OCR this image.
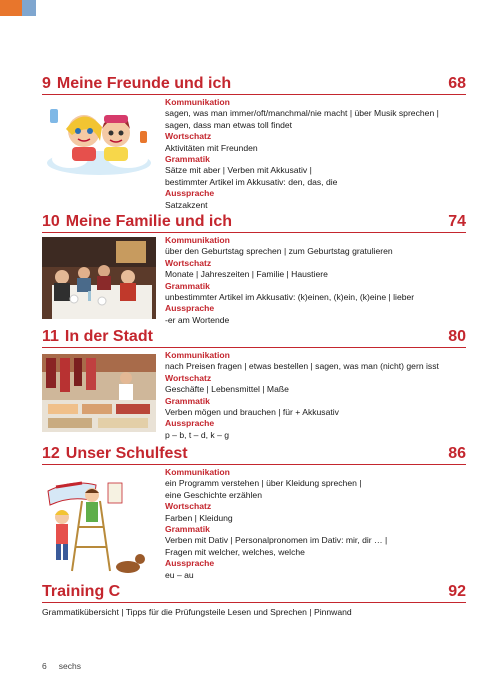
9 Meine Freunde und ich	68
Kommunikation
sagen, was man immer/oft/manchmal/nie macht | über Musik sprechen |
sagen, dass man etwas toll findet
Wortschatz
Aktivitäten mit Freunden
Grammatik
Sätze mit aber | Verben mit Akkusativ |
bestimmter Artikel im Akkusativ: den, das, die
Aussprache
Satzakzent
10 Meine Familie und ich	74
Kommunikation
über den Geburtstag sprechen | zum Geburtstag gratulieren
Wortschatz
Monate | Jahreszeiten | Familie | Haustiere
Grammatik
unbestimmter Artikel im Akkusativ: (k)einen, (k)ein, (k)eine | lieber
Aussprache
-er am Wortende
11 In der Stadt	80
Kommunikation
nach Preisen fragen | etwas bestellen | sagen, was man (nicht) gern isst
Wortschatz
Geschäfte | Lebensmittel | Maße
Grammatik
Verben mögen und brauchen | für + Akkusativ
Aussprache
p – b, t – d, k – g
12 Unser Schulfest	86
Kommunikation
ein Programm verstehen | über Kleidung sprechen |
eine Geschichte erzählen
Wortschatz
Farben | Kleidung
Grammatik
Verben mit Dativ | Personalpronomen im Dativ: mir, dir … |
Fragen mit welcher, welches, welche
Aussprache
eu – au
Training C	92
Grammatikübersicht | Tipps für die Prüfungsteile Lesen und Sprechen | Pinnwand
6 sechs
